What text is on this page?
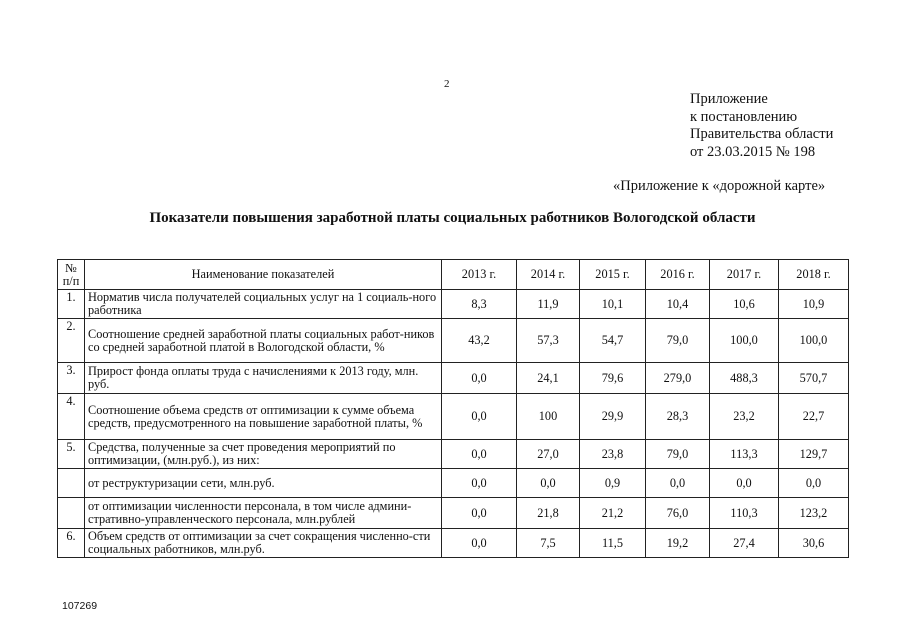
2
Приложение
к постановлению
Правительства области
от 23.03.2015 № 198
«Приложение к «дорожной карте»
Показатели повышения заработной платы социальных работников Вологодской области
№
п/п	Наименование показателей	2013 г.	2014 г.	2015 г.	2016 г.	2017 г.	2018 г.
1.	Норматив числа получателей социальных услуг на 1 социаль-ного работника	8,3	11,9	10,1	10,4	10,6	10,9
2.	Соотношение средней заработной платы социальных работ-ников со средней заработной платой в Вологодской области, %	43,2	57,3	54,7	79,0	100,0	100,0
3.	Прирост фонда оплаты труда с начислениями к 2013 году, млн. руб.	0,0	24,1	79,6	279,0	488,3	570,7
4.	Соотношение объема средств от оптимизации к сумме объема средств, предусмотренного на повышение заработной платы, %	0,0	100	29,9	28,3	23,2	22,7
5.	Средства, полученные за счет проведения мероприятий по оптимизации, (млн.руб.), из них:	0,0	27,0	23,8	79,0	113,3	129,7
	от реструктуризации сети, млн.руб.	0,0	0,0	0,9	0,0	0,0	0,0
	от оптимизации численности персонала, в том числе админи-стративно-управленческого персонала, млн.рублей	0,0	21,8	21,2	76,0	110,3	123,2
6.	Объем средств от оптимизации за счет сокращения численно-сти социальных работников, млн.руб.	0,0	7,5	11,5	19,2	27,4	30,6
107269
